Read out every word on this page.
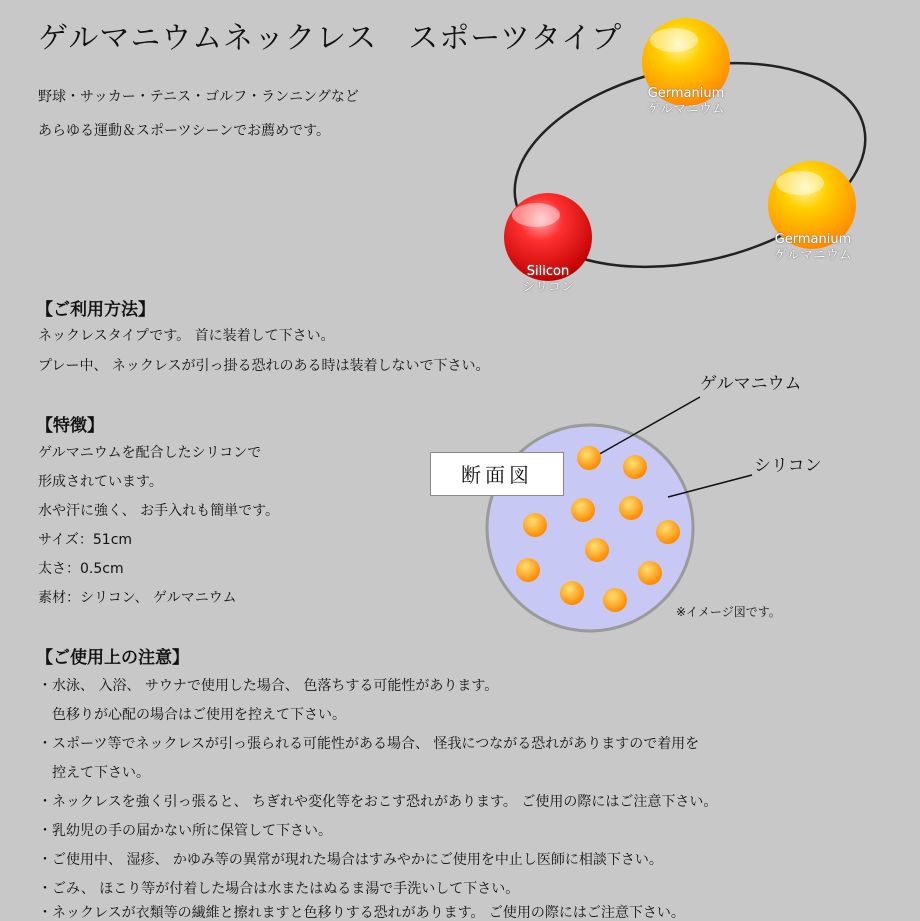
ゲルマニウムネックレス　スポーツタイプ
野球・サッカー・テニス・ゴルフ・ランニングなど
あらゆる運動＆スポーツシーンでお薦めです。
Germanium
ゲルマニウム
Germanium
ゲルマニウム
Silicon
シリコン
【ご利用方法】
ネックレスタイプです。 首に装着して下さい。
プレー中、 ネックレスが引っ掛る恐れのある時は装着しないで下さい。
【特徴】
ゲルマニウムを配合したシリコンで
形成されています。
水や汗に強く、 お手入れも簡単です。
サイズ：51cm
太さ：0.5cm
素材：シリコン、 ゲルマニウム
断面図
ゲルマニウム
シリコン
※イメージ図です。
【ご使用上の注意】
・水泳、 入浴、 サウナで使用した場合、 色落ちする可能性があります。
　色移りが心配の場合はご使用を控えて下さい。
・スポーツ等でネックレスが引っ張られる可能性がある場合、 怪我につながる恐れがありますので着用を
　控えて下さい。
・ネックレスを強く引っ張ると、 ちぎれや変化等をおこす恐れがあります。 ご使用の際にはご注意下さい。
・乳幼児の手の届かない所に保管して下さい。
・ご使用中、 湿疹、 かゆみ等の異常が現れた場合はすみやかにご使用を中止し医師に相談下さい。
・ごみ、 ほこり等が付着した場合は水またはぬるま湯で手洗いして下さい。
・ネックレスが衣類等の繊維と擦れますと色移りする恐れがあります。 ご使用の際にはご注意下さい。
